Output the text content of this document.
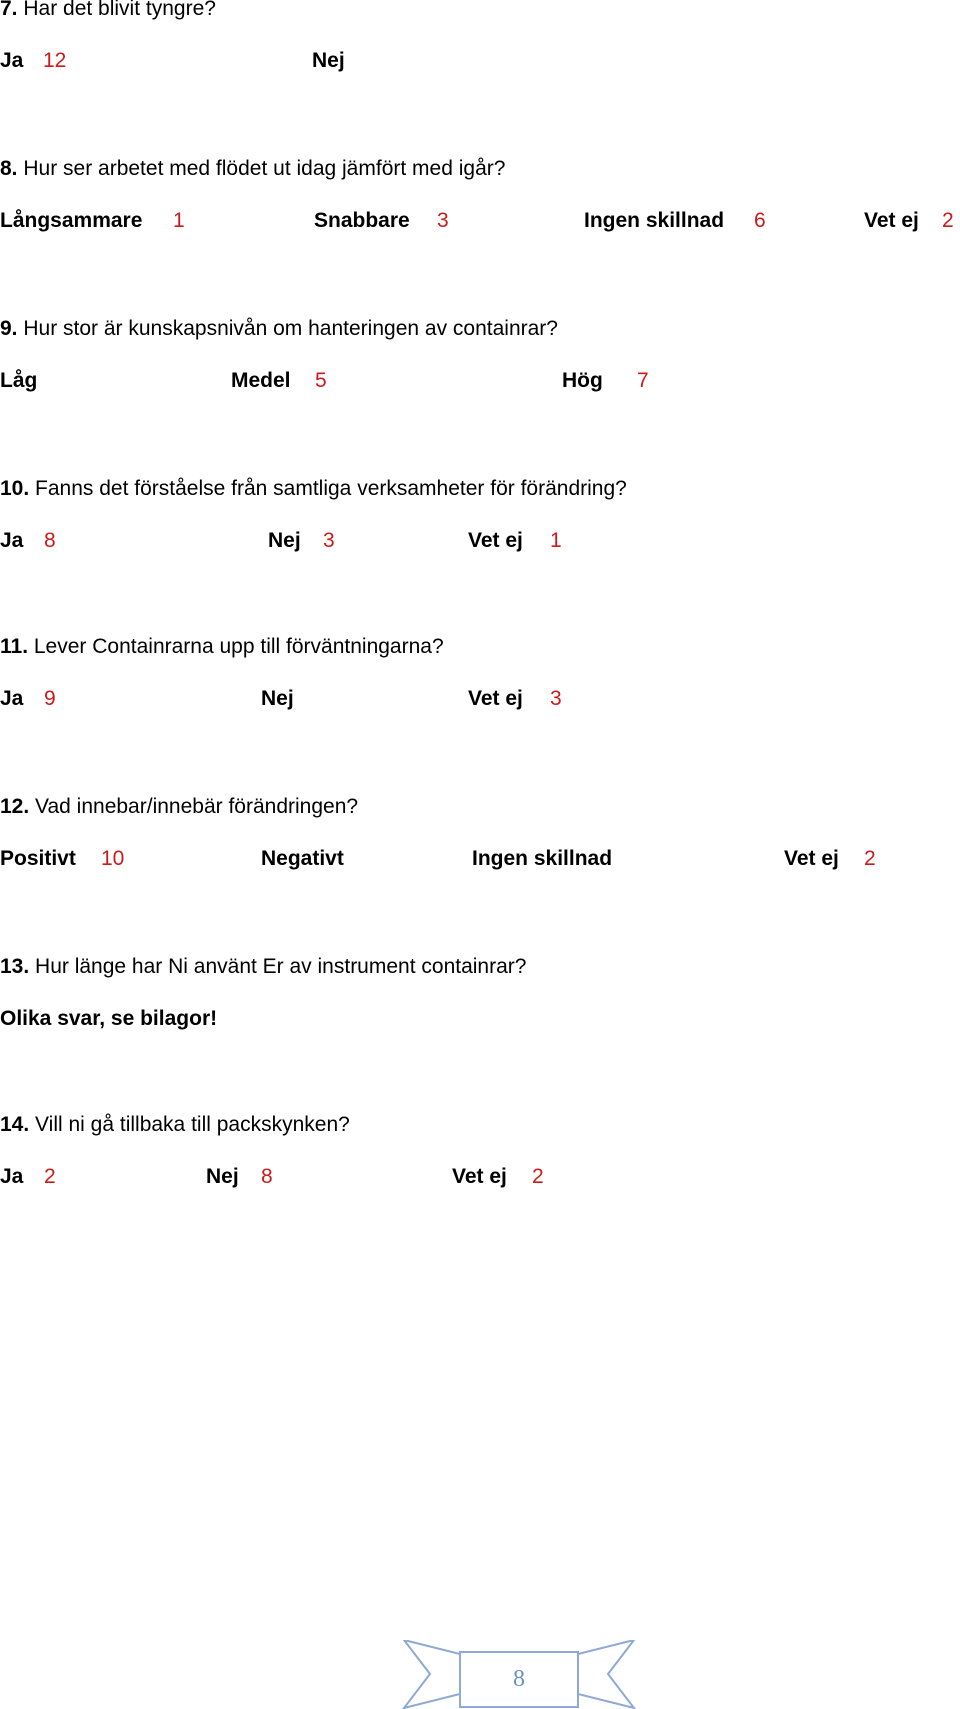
7. Har det blivit tyngre?
Ja 12	Nej
8. Hur ser arbetet med flödet ut idag jämfört med igår?
Långsammare 1	Snabbare 3	Ingen skillnad 6	Vet ej 2
9. Hur stor är kunskapsnivån om hanteringen av containrar?
Låg	Medel 5	Hög 7
10. Fanns det förståelse från samtliga verksamheter för förändring?
Ja 8	Nej 3	Vet ej 1
11. Lever Containrarna upp till förväntningarna?
Ja 9	Nej	Vet ej 3
12. Vad innebar/innebär förändringen?
Positivt 10	Negativt	Ingen skillnad	Vet ej 2
13. Hur länge har Ni använt Er av instrument containrar?
Olika svar, se bilagor!
14. Vill ni gå tillbaka till packskynken?
Ja 2	Nej 8	Vet ej 2
8
